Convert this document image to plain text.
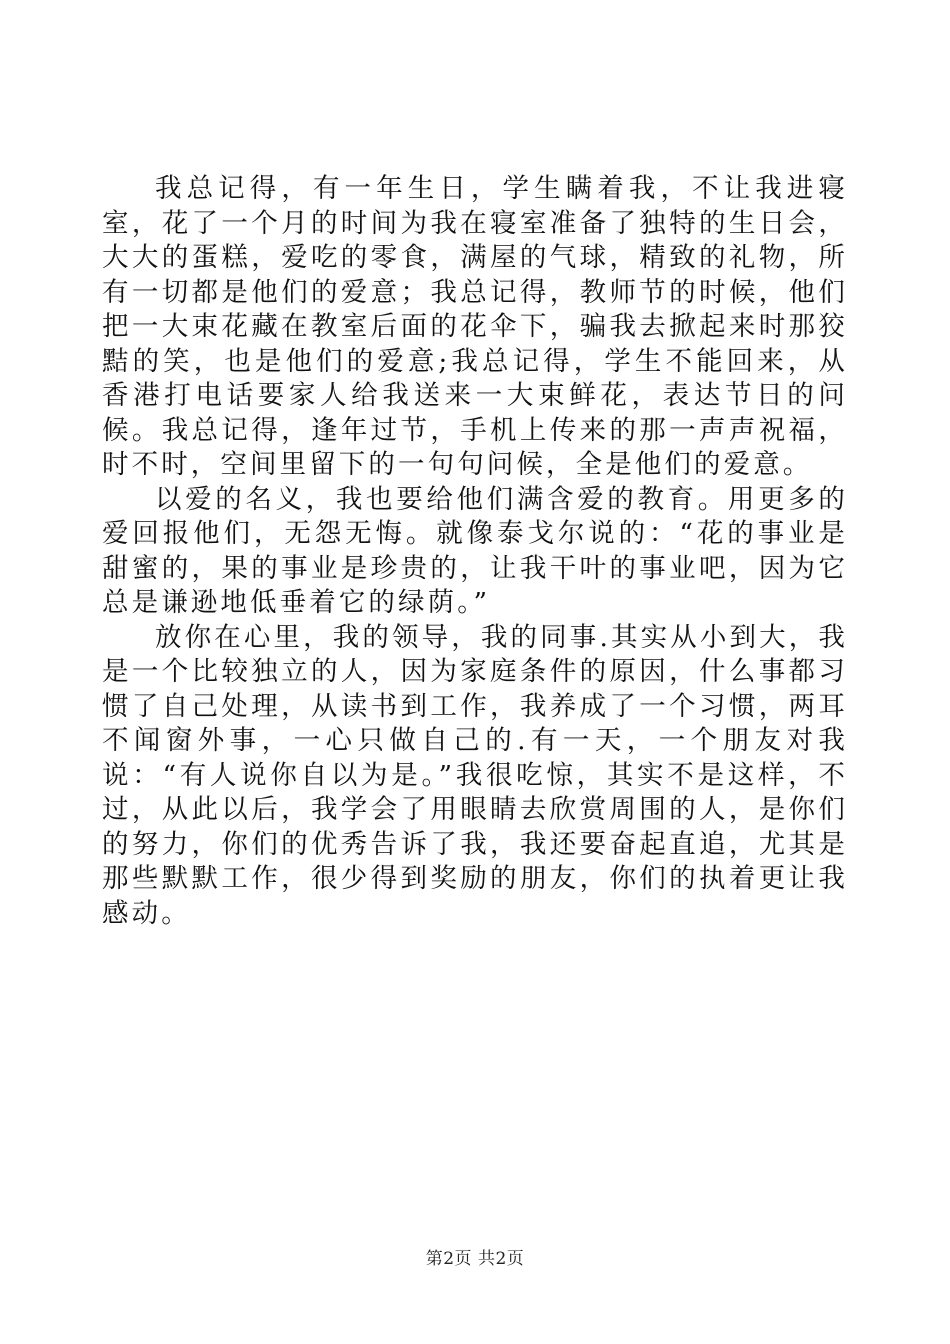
我总记得，有一年生日，学生瞒着我，不让我进寝室，花了一个月的时间为我在寝室准备了独特的生日会，大大的蛋糕，爱吃的零食，满屋的气球，精致的礼物，所有一切都是他们的爱意；我总记得，教师节的时候，他们把一大束花藏在教室后面的花伞下，骗我去掀起来时那狡黠的笑，也是他们的爱意;我总记得，学生不能回来，从香港打电话要家人给我送来一大束鲜花，表达节日的问候。我总记得，逢年过节，手机上传来的那一声声祝福，时不时，空间里留下的一句句问候，全是他们的爱意。

以爱的名义，我也要给他们满含爱的教育。用更多的爱回报他们，无怨无悔。就像泰戈尔说的：“花的事业是甜蜜的，果的事业是珍贵的，让我干叶的事业吧，因为它总是谦逊地低垂着它的绿荫。”

放你在心里，我的领导，我的同事.其实从小到大，我是一个比较独立的人，因为家庭条件的原因，什么事都习惯了自己处理，从读书到工作，我养成了一个习惯，两耳不闻窗外事，一心只做自己的.有一天，一个朋友对我说：“有人说你自以为是。”我很吃惊，其实不是这样，不过，从此以后，我学会了用眼睛去欣赏周围的人，是你们的努力，你们的优秀告诉了我，我还要奋起直追，尤其是那些默默工作，很少得到奖励的朋友，你们的执着更让我感动。

第2页 共2页
